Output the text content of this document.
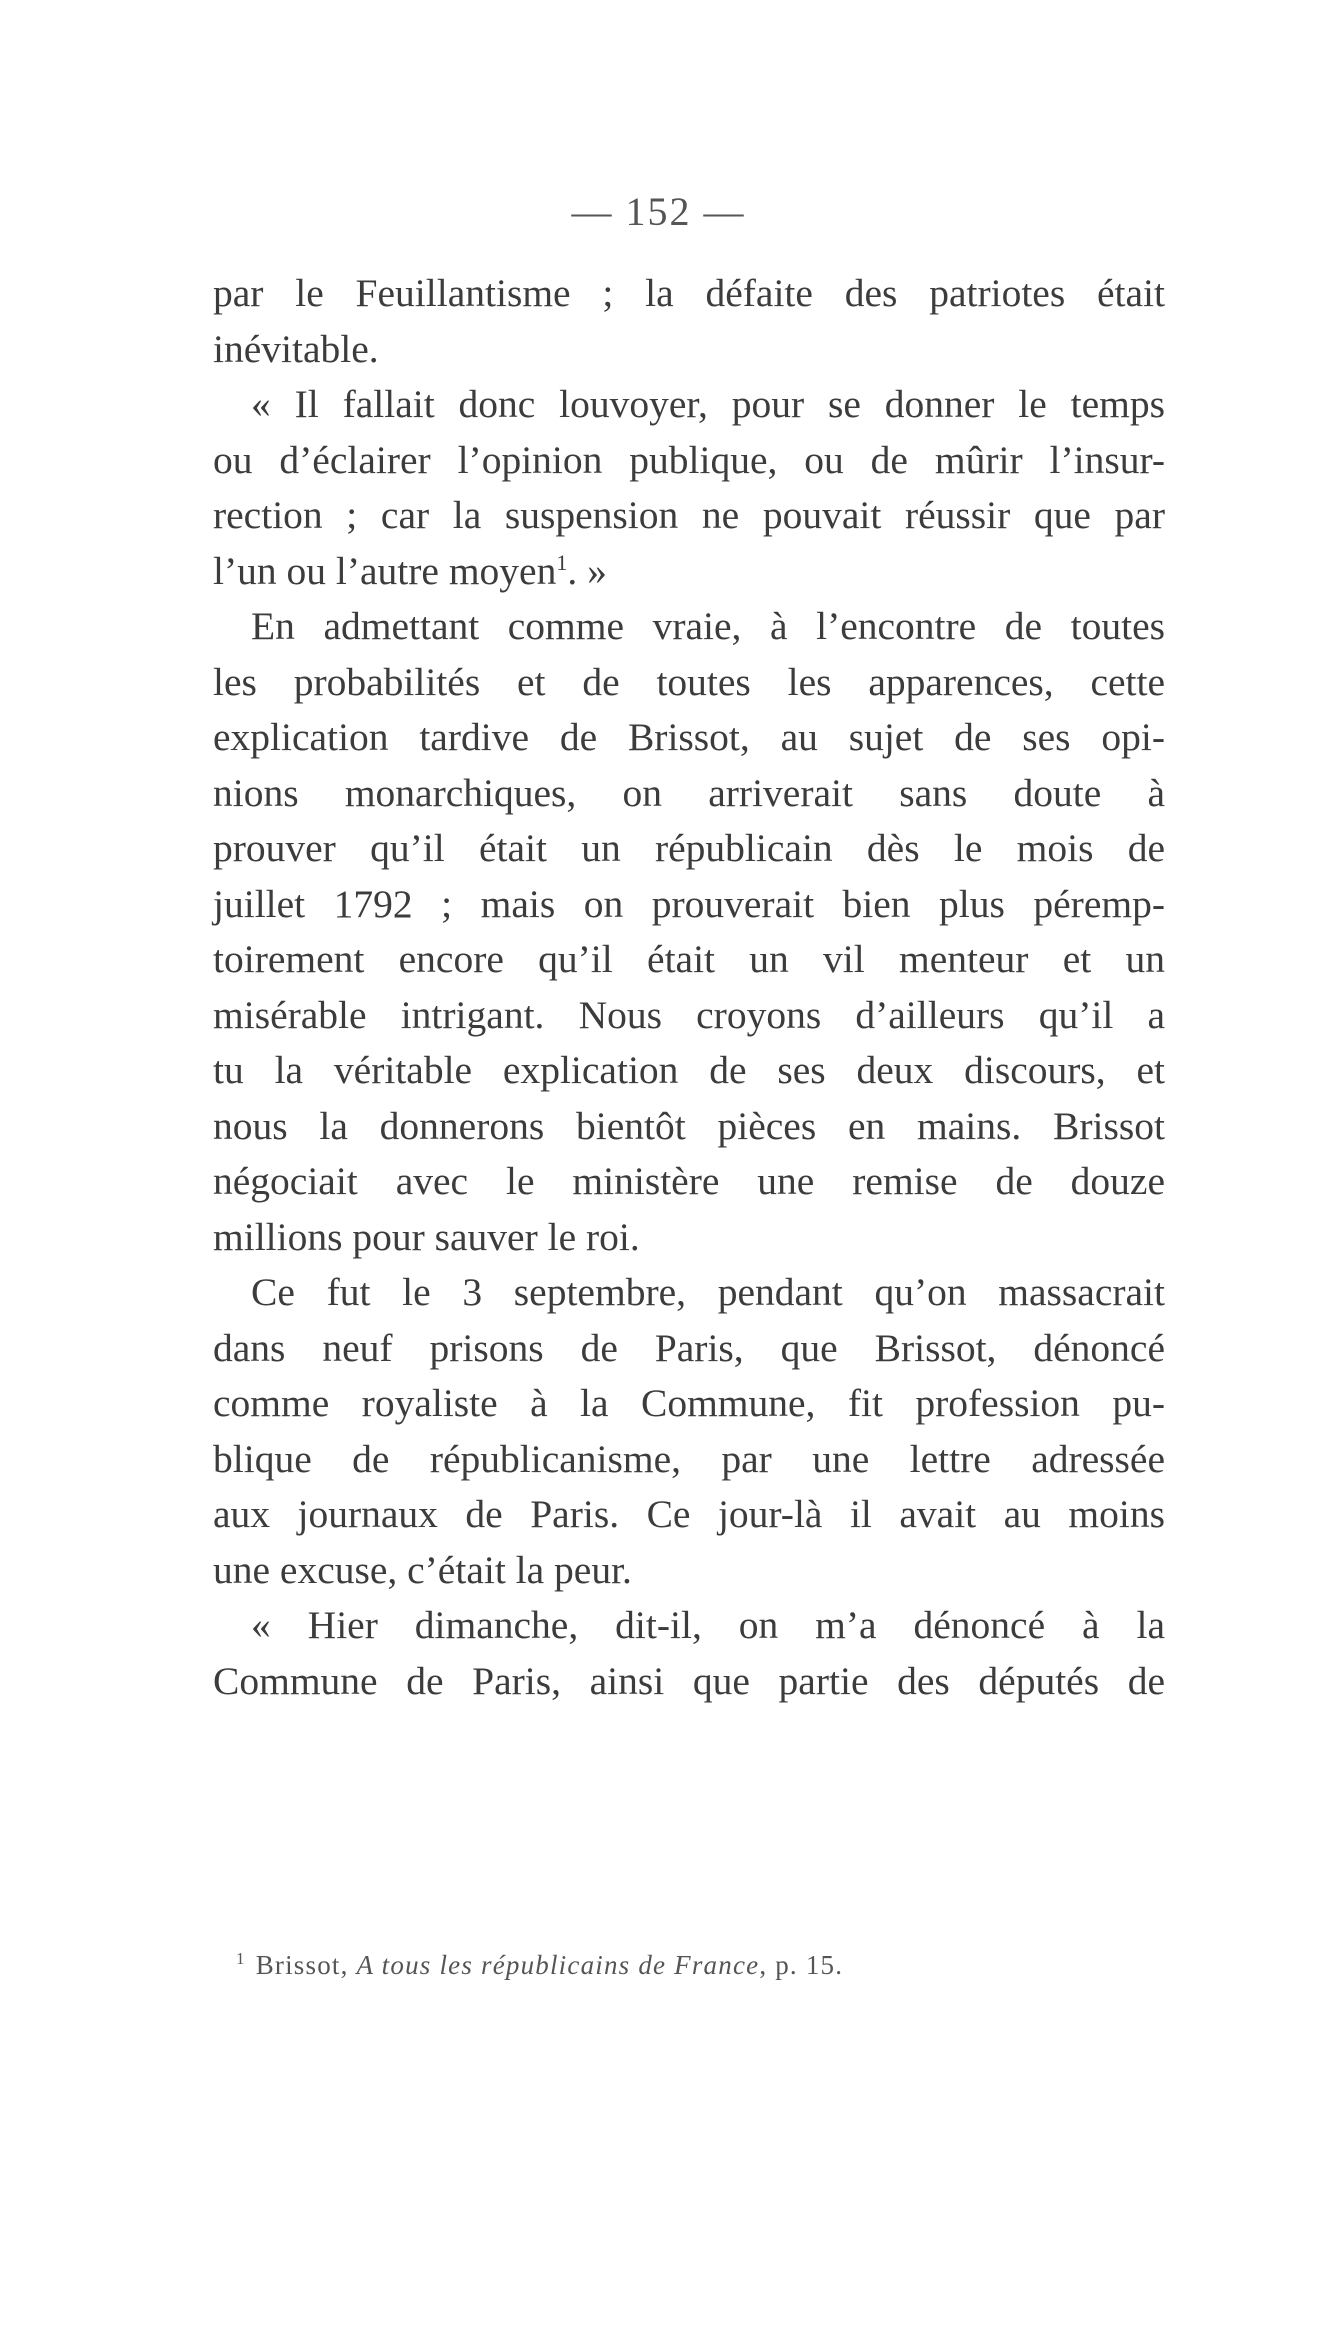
— 152 —
par le Feuillantisme ; la défaite des patriotes était
inévitable.
« Il fallait donc louvoyer, pour se donner le temps
ou d’éclairer l’opinion publique, ou de mûrir l’insur-
rection ; car la suspension ne pouvait réussir que par
l’un ou l’autre moyen$^1$. »
En admettant comme vraie, à l’encontre de toutes
les probabilités et de toutes les apparences, cette
explication tardive de Brissot, au sujet de ses opi-
nions monarchiques, on arriverait sans doute à
prouver qu’il était un républicain dès le mois de
juillet 1792 ; mais on prouverait bien plus péremp-
toirement encore qu’il était un vil menteur et un
misérable intrigant. Nous croyons d’ailleurs qu’il a
tu la véritable explication de ses deux discours, et
nous la donnerons bientôt pièces en mains. Brissot
négociait avec le ministère une remise de douze
millions pour sauver le roi.
Ce fut le 3 septembre, pendant qu’on massacrait
dans neuf prisons de Paris, que Brissot, dénoncé
comme royaliste à la Commune, fit profession pu-
blique de républicanisme, par une lettre adressée
aux journaux de Paris. Ce jour-là il avait au moins
une excuse, c’était la peur.
« Hier dimanche, dit-il, on m’a dénoncé à la
Commune de Paris, ainsi que partie des députés de
$^1$ Brissot, A tous les républicains de France, p. 15.
